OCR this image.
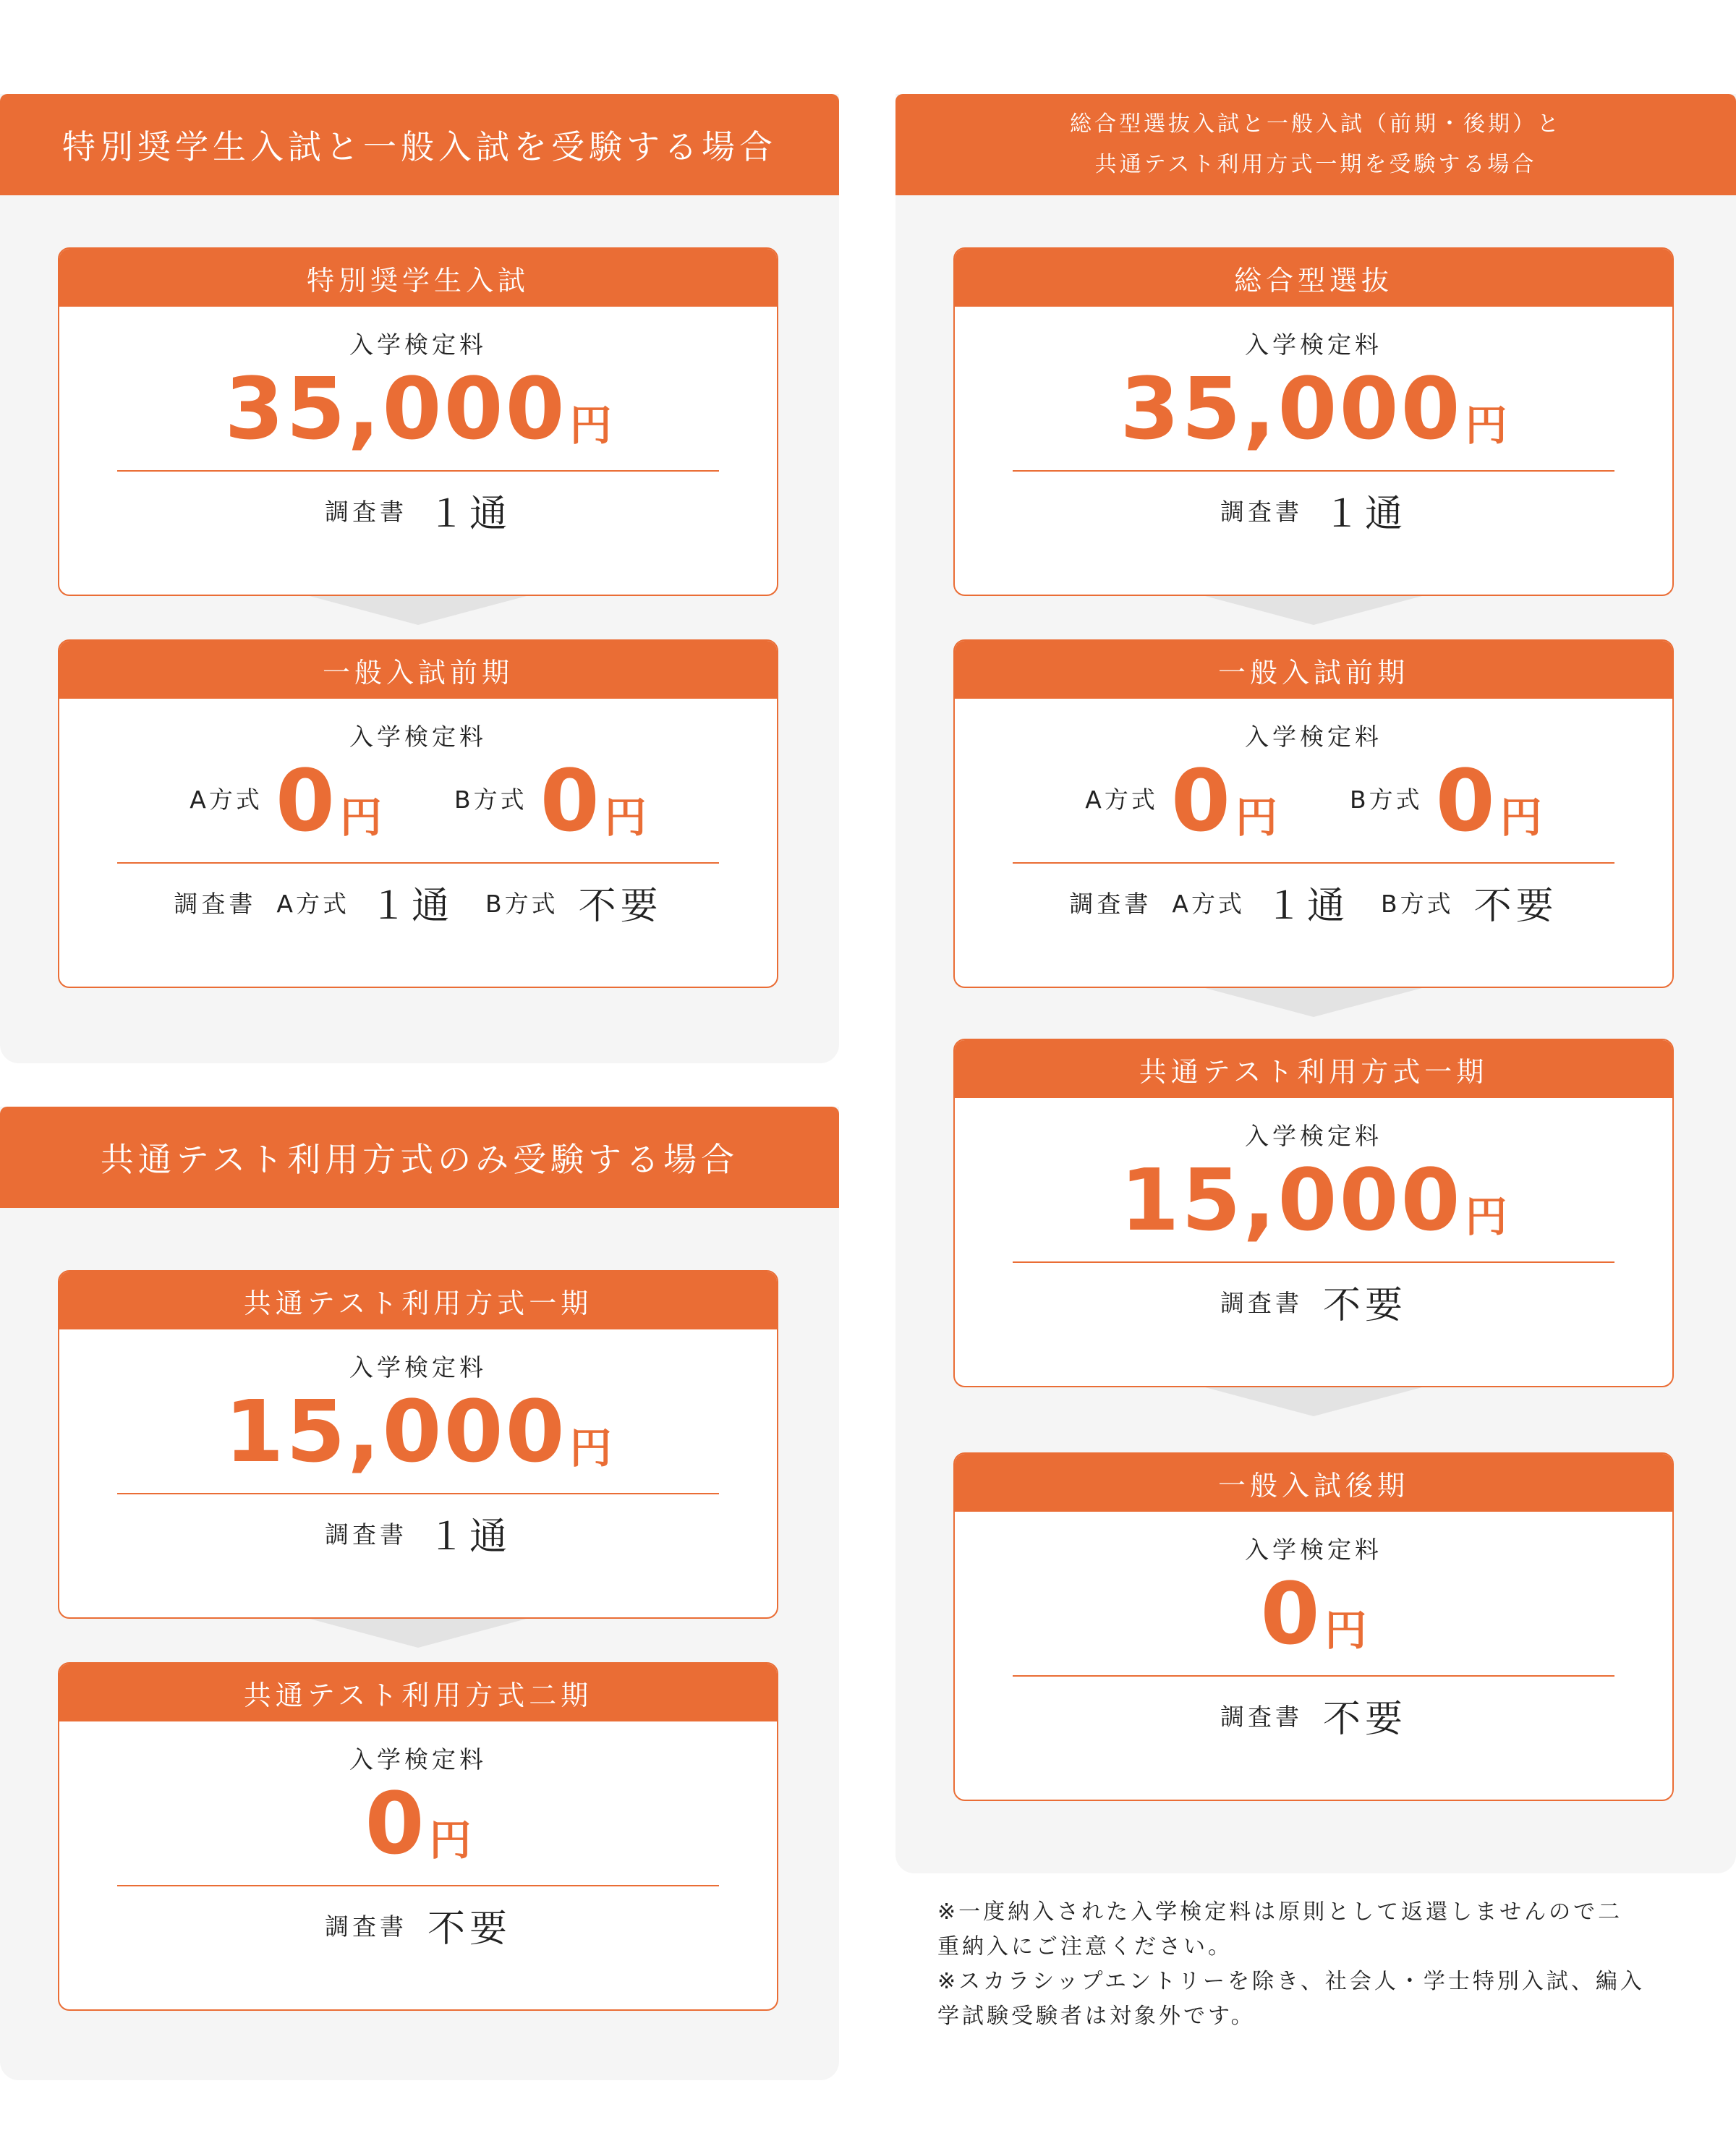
特別奨学生入試と一般入試を受験する場合
特別奨学生入試
入学検定料
35,000 円
調査書 １通
一般入試前期
入学検定料
A方式 0 円	B方式 0 円
調査書 A方式 １通 B方式 不要
共通テスト利用方式のみ受験する場合
共通テスト利用方式一期
入学検定料
15,000 円
調査書 １通
共通テスト利用方式二期
入学検定料
0 円
調査書 不要
総合型選抜入試と一般入試（前期・後期）と
共通テスト利用方式一期を受験する場合
総合型選抜
入学検定料
35,000 円
調査書 １通
一般入試前期
入学検定料
A方式 0 円	B方式 0 円
調査書 A方式 １通 B方式 不要
共通テスト利用方式一期
入学検定料
15,000 円
調査書 不要
一般入試後期
入学検定料
0 円
調査書 不要
※一度納入された入学検定料は原則として返還しませんので二
重納入にご注意ください。
※スカラシップエントリーを除き、社会人・学士特別入試、編入
学試験受験者は対象外です。
